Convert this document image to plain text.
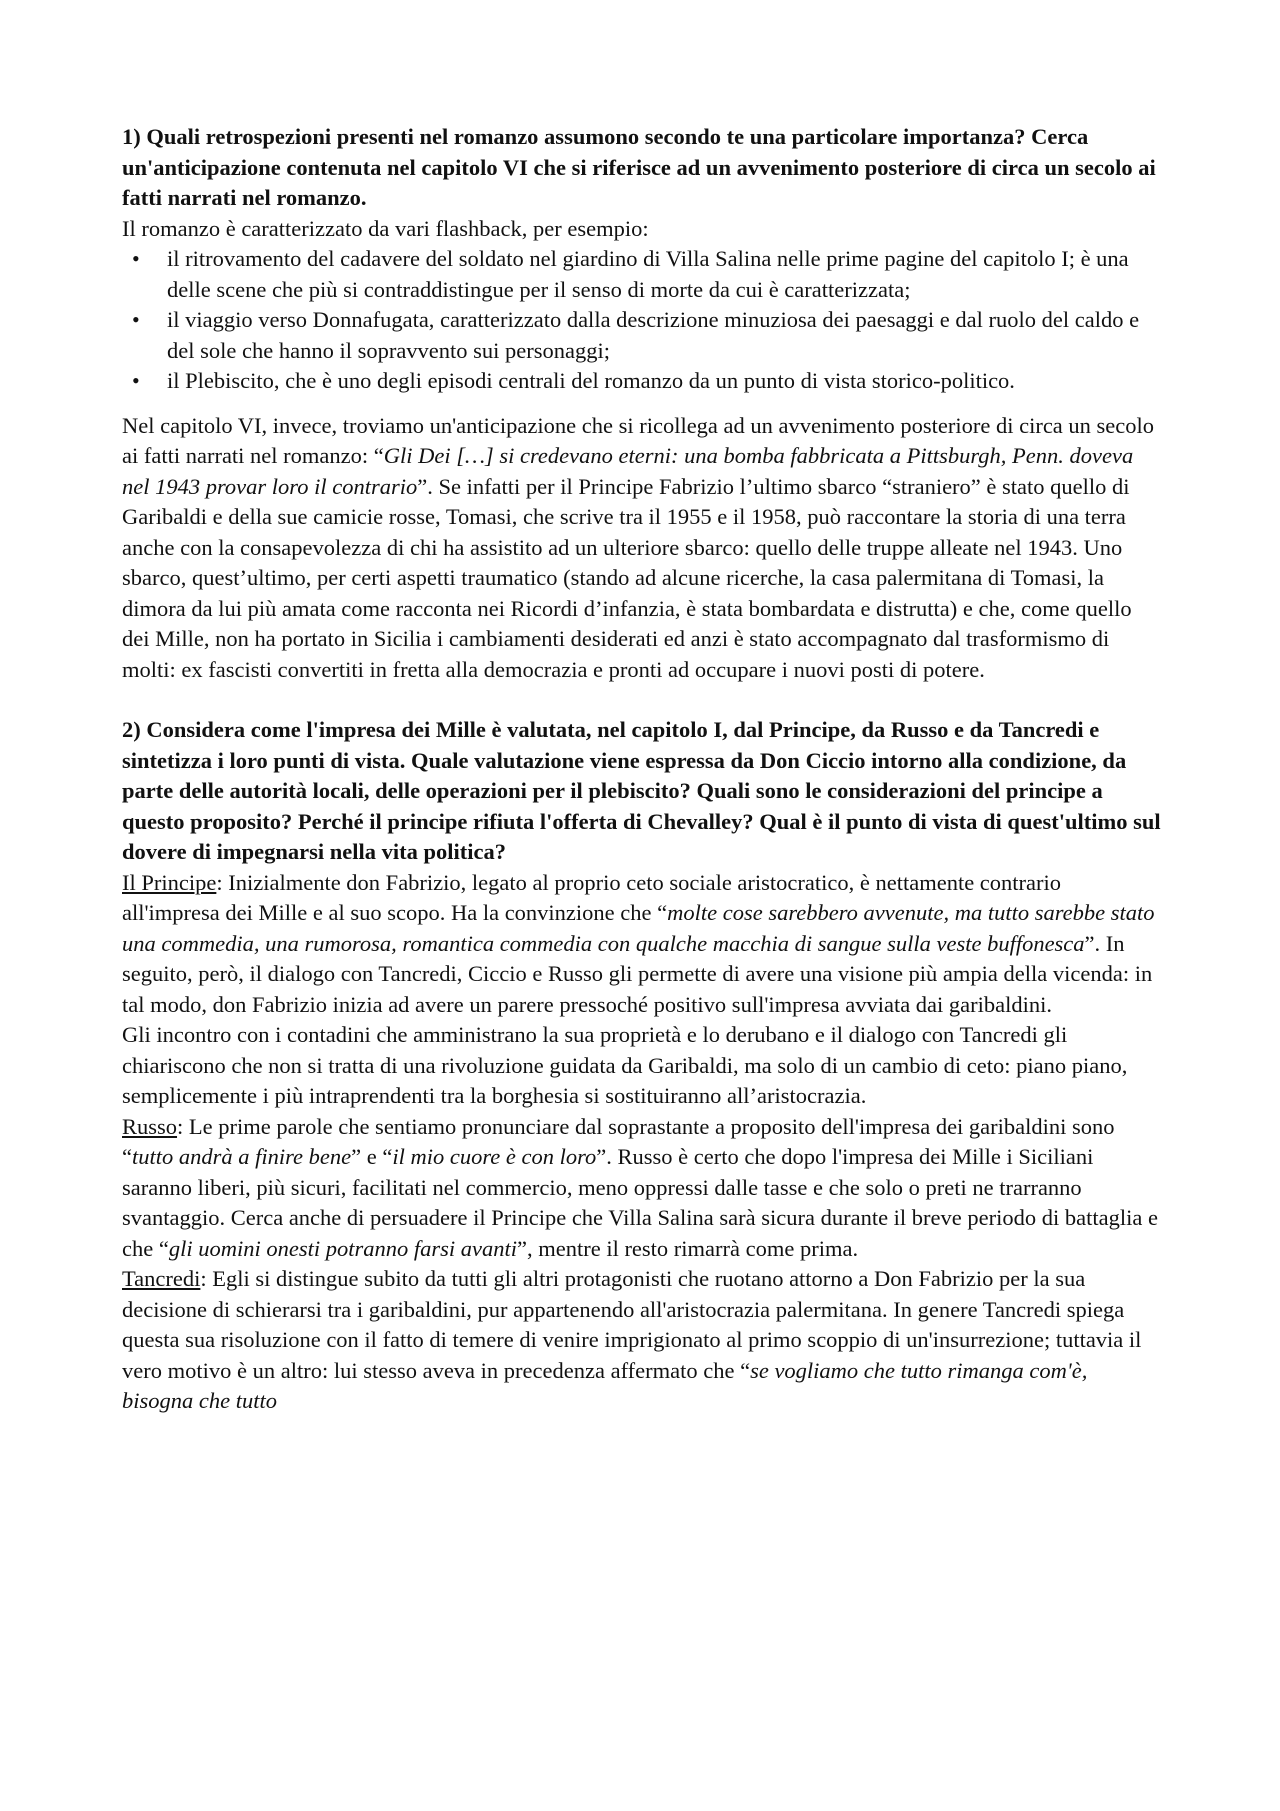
1) Quali retrospezioni presenti nel romanzo assumono secondo te una particolare importanza? Cerca un'anticipazione contenuta nel capitolo VI che si riferisce ad un avvenimento posteriore di circa un secolo ai fatti narrati nel romanzo.

Il romanzo è caratterizzato da vari flashback, per esempio:

• il ritrovamento del cadavere del soldato nel giardino di Villa Salina nelle prime pagine del capitolo I; è una delle scene che più si contraddistingue per il senso di morte da cui è caratterizzata;
• il viaggio verso Donnafugata, caratterizzato dalla descrizione minuziosa dei paesaggi e dal ruolo del caldo e del sole che hanno il sopravvento sui personaggi;
• il Plebiscito, che è uno degli episodi centrali del romanzo da un punto di vista storico-politico.

Nel capitolo VI, invece, troviamo un'anticipazione che si ricollega ad un avvenimento posteriore di circa un secolo ai fatti narrati nel romanzo: “Gli Dei […] si credevano eterni: una bomba fabbricata a Pittsburgh, Penn. doveva nel 1943 provar loro il contrario”. Se infatti per il Principe Fabrizio l’ultimo sbarco “straniero” è stato quello di Garibaldi e della sue camicie rosse, Tomasi, che scrive tra il 1955 e il 1958, può raccontare la storia di una terra anche con la consapevolezza di chi ha assistito ad un ulteriore sbarco: quello delle truppe alleate nel 1943. Uno sbarco, quest’ultimo, per certi aspetti traumatico (stando ad alcune ricerche, la casa palermitana di Tomasi, la dimora da lui più amata come racconta nei Ricordi d’infanzia, è stata bombardata e distrutta) e che, come quello dei Mille, non ha portato in Sicilia i cambiamenti desiderati ed anzi è stato accompagnato dal trasformismo di molti: ex fascisti convertiti in fretta alla democrazia e pronti ad occupare i nuovi posti di potere.

2) Considera come l'impresa dei Mille è valutata, nel capitolo I, dal Principe, da Russo e da Tancredi e sintetizza i loro punti di vista. Quale valutazione viene espressa da Don Ciccio intorno alla condizione, da parte delle autorità locali, delle operazioni per il plebiscito? Quali sono le considerazioni del principe a questo proposito? Perché il principe rifiuta l'offerta di Chevalley? Qual è il punto di vista di quest'ultimo sul dovere di impegnarsi nella vita politica?

Il Principe: Inizialmente don Fabrizio, legato al proprio ceto sociale aristocratico, è nettamente contrario all'impresa dei Mille e al suo scopo. Ha la convinzione che “molte cose sarebbero avvenute, ma tutto sarebbe stato una commedia, una rumorosa, romantica commedia con qualche macchia di sangue sulla veste buffonesca”. In seguito, però, il dialogo con Tancredi, Ciccio e Russo gli permette di avere una visione più ampia della vicenda: in tal modo, don Fabrizio inizia ad avere un parere pressoché positivo sull'impresa avviata dai garibaldini.

Gli incontro con i contadini che amministrano la sua proprietà e lo derubano e il dialogo con Tancredi gli chiariscono che non si tratta di una rivoluzione guidata da Garibaldi, ma solo di un cambio di ceto: piano piano, semplicemente i più intraprendenti tra la borghesia si sostituiranno all’aristocrazia.

Russo: Le prime parole che sentiamo pronunciare dal soprastante a proposito dell'impresa dei garibaldini sono “tutto andrà a finire bene” e “il mio cuore è con loro”. Russo è certo che dopo l'impresa dei Mille i Siciliani saranno liberi, più sicuri, facilitati nel commercio, meno oppressi dalle tasse e che solo o preti ne trarranno svantaggio. Cerca anche di persuadere il Principe che Villa Salina sarà sicura durante il breve periodo di battaglia e che “gli uomini onesti potranno farsi avanti”, mentre il resto rimarrà come prima.

Tancredi: Egli si distingue subito da tutti gli altri protagonisti che ruotano attorno a Don Fabrizio per la sua decisione di schierarsi tra i garibaldini, pur appartenendo all'aristocrazia palermitana. In genere Tancredi spiega questa sua risoluzione con il fatto di temere di venire imprigionato al primo scoppio di un'insurrezione; tuttavia il vero motivo è un altro: lui stesso aveva in precedenza affermato che “se vogliamo che tutto rimanga com'è, bisogna che tutto
